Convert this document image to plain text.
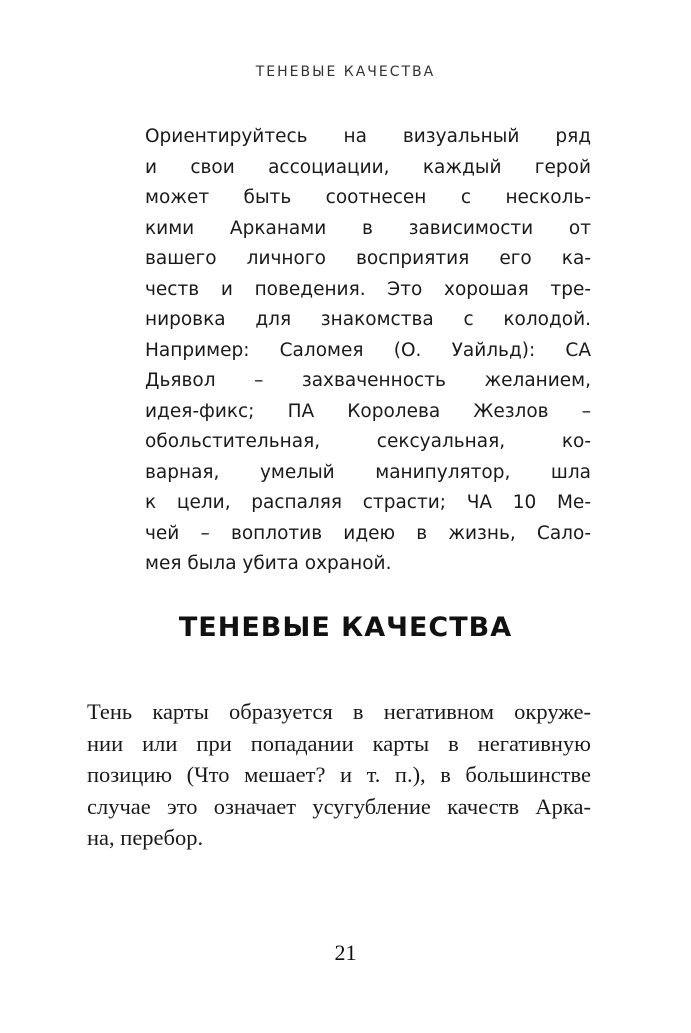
ТЕНЕВЫЕ КАЧЕСТВА
Ориентируйтесь на визуальный ряд
и свои ассоциации, каждый герой
может быть соотнесен с несколь-
кими Арканами в зависимости от
вашего личного восприятия его ка-
честв и поведения. Это хорошая тре-
нировка для знакомства с колодой.
Например: Саломея (О. Уайльд): СА
Дьявол – захваченность желанием,
идея-фикс; ПА Королева Жезлов –
обольстительная, сексуальная, ко-
варная, умелый манипулятор, шла
к цели, распаляя страсти; ЧА 10 Ме-
чей – воплотив идею в жизнь, Сало-
мея была убита охраной.
ТЕНЕВЫЕ КАЧЕСТВА
Тень карты образуется в негативном окруже-
нии или при попадании карты в негативную
позицию (Что мешает? и т. п.), в большинстве
случае это означает усугубление качеств Арка-
на, перебор.
21
